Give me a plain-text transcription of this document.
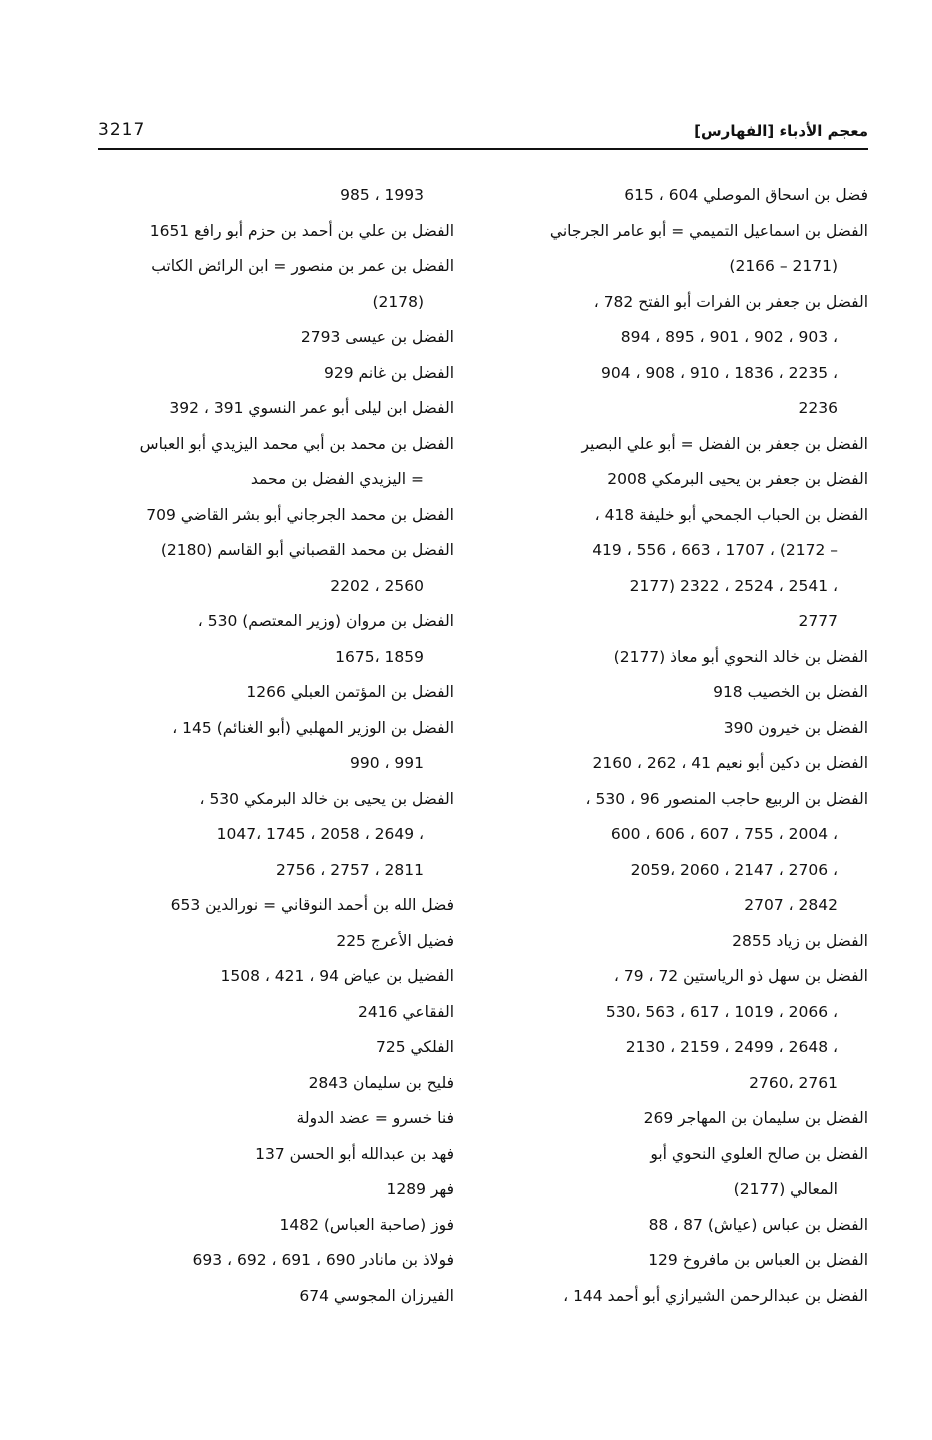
3217	معجم الأدباء [الفهارس]
فضل بن اسحاق الموصلي 604 ، 615
الفضل بن اسماعيل التميمي = أبو عامر الجرجاني
(2166 – 2171)
الفضل بن جعفر بن الفرات أبو الفتح 782 ،
894 ، 895 ، 901 ، 902 ، 903 ،
904 ، 908 ، 910 ، 1836 ، 2235 ،
2236
الفضل بن جعفر بن الفضل = أبو علي البصير
الفضل بن جعفر بن يحيى البرمكي 2008
الفضل بن الحباب الجمحي أبو خليفة 418 ،
419 ، 556 ، 663 ، 1707 ، (2172 –
2177) 2322 ، 2524 ، 2541 ،
2777
الفضل بن خالد النحوي أبو معاذ (2177)
الفضل بن الخصيب 918
الفضل بن خيرون 390
الفضل بن دكين أبو نعيم 41 ، 262 ، 2160
الفضل بن الربيع حاجب المنصور 96 ، 530 ،
600 ، 606 ، 607 ، 755 ، 2004 ،
2059، 2060 ، 2147 ، 2706 ،
2707 ، 2842
الفضل بن زياد 2855
الفضل بن سهل ذو الرياستين 72 ، 79 ،
530، 563 ، 617 ، 1019 ، 2066 ،
2130 ، 2159 ، 2499 ، 2648 ،
2760، 2761
الفضل بن سليمان بن المهاجر 269
الفضل بن صالح العلوي النحوي أبو
المعالي (2177)
الفضل بن عباس (عياش) 87 ، 88
الفضل بن العباس بن مافروخ 129
الفضل بن عبدالرحمن الشيرازي أبو أحمد 144 ،
985 ، 1993
الفضل بن علي بن أحمد بن حزم أبو رافع 1651
الفضل بن عمر بن منصور = ابن الرائض الكاتب
(2178)
الفضل بن عيسى 2793
الفضل بن غانم 929
الفضل ابن ليلى أبو عمر النسوي 391 ، 392
الفضل بن محمد بن أبي محمد اليزيدي أبو العباس
= اليزيدي الفضل بن محمد
الفضل بن محمد الجرجاني أبو بشر القاضي 709
الفضل بن محمد القصباني أبو القاسم (2180)
2202 ، 2560
الفضل بن مروان (وزير المعتصم) 530 ،
1675، 1859
الفضل بن المؤتمن العبلي 1266
الفضل بن الوزير المهلبي (أبو الغنائم) 145 ،
990 ، 991
الفضل بن يحيى بن خالد البرمكي 530 ،
1047، 1745 ، 2058 ، 2649 ،
2756 ، 2757 ، 2811
فضل الله بن أحمد النوقاني = نورالدين 653
فضيل الأعرج 225
الفضيل بن عياض 94 ، 421 ، 1508
الفقاعي 2416
الفلكي 725
فليح بن سليمان 2843
فنا خسرو = عضد الدولة
فهد بن عبدالله أبو الحسن 137
فهر 1289
فوز (صاحبة العباس) 1482
فولاذ بن مانادر 690 ، 691 ، 692 ، 693
الفيرزان المجوسي 674
